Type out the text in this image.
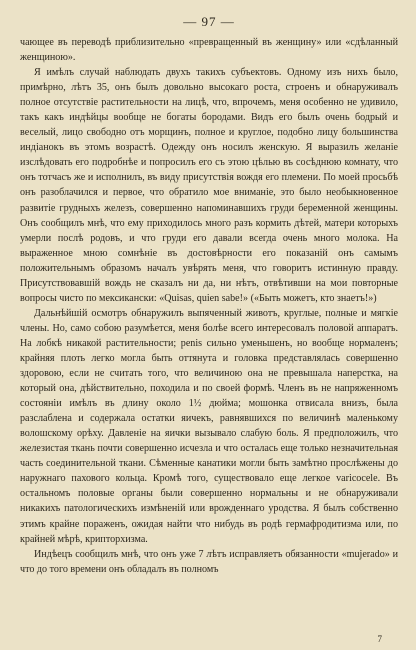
— 97 —

чающее въ переводѣ приблизительно «превращенный въ женщину» или «сдѣланный женщиною».

Я имѣлъ случай наблюдать двухъ такихъ субъектовъ. Одному изъ нихъ было, примѣрно, лѣтъ 35, онъ былъ довольно высокаго роста, строенъ и обнаруживалъ полное отсутствіе растительности на лицѣ, что, впрочемъ, меня особенно не удивило, такъ какъ индѣйцы вообще не богаты бородами. Видъ его былъ очень бодрый и веселый, лицо свободно отъ морщинъ, полное и круглое, подобно лицу большинства индіанокъ въ этомъ возрастѣ. Одежду онъ носилъ женскую. Я выразилъ желаніе изслѣдовать его подробнѣе и попросилъ его съ этою цѣлью въ сосѣднюю комнату, что онъ тотчасъ же и исполнилъ, въ виду присутствія вождя его племени. По моей просьбѣ онъ разоблачился и первое, что обратило мое вниманіе, это было необыкновенное развитіе грудныхъ железъ, совершенно напоминавшихъ груди беременной женщины. Онъ сообщилъ мнѣ, что ему приходилось много разъ кормить дѣтей, матери которыхъ умерли послѣ родовъ, и что груди его давали всегда очень много молока. На выраженное мною сомнѣніе въ достовѣрности его показаній онъ самымъ положительнымъ образомъ началъ увѣрять меня, что говоритъ истинную правду. Присутствовавшій вождь не сказалъ ни да, ни нѣтъ, отвѣтивши на мои повторные вопросы чисто по мексикански: «Quisas, quien sabe!» («Быть можетъ, кто знаетъ!»)

Дальнѣйшій осмотръ обнаружилъ выпяченный животъ, круглые, полные и мягкіе члены. Но, само собою разумѣется, меня болѣе всего интересовалъ половой аппаратъ. На лобкѣ никакой растительности; penis сильно уменьшенъ, но вообще нормаленъ; крайняя плоть легко могла быть оттянута и головка представлялась совершенно здоровою, если не считать того, что величиною она не превышала наперстка, на который она, дѣйствительно, походила и по своей формѣ. Членъ въ не напряженномъ состояніи имѣлъ въ длину около 1½ дюйма; мошонка отвисала внизъ, была разслаблена и содержала остатки яичекъ, равнявшихся по величинѣ маленькому волошскому орѣху. Давленіе на яички вызывало слабую боль. Я предположилъ, что железистая ткань почти совершенно исчезла и что осталась еще только незначительная часть соединительной ткани. Сѣменные канатики могли быть замѣтно прослѣжены до наружнаго пахового кольца. Кромѣ того, существовало еще легкое varicocele. Въ остальномъ половые органы были совершенно нормальны и не обнаруживали никакихъ патологическихъ измѣненій или врожденнаго уродства. Я былъ собственно этимъ крайне пораженъ, ожидая найти что нибудь въ родѣ гермафродитизма или, по крайней мѣрѣ, крипторхизма.

Индѣецъ сообщилъ мнѣ, что онъ уже 7 лѣтъ исправляетъ обязанности «mujerado» и что до того времени онъ обладалъ въ полномъ

7
